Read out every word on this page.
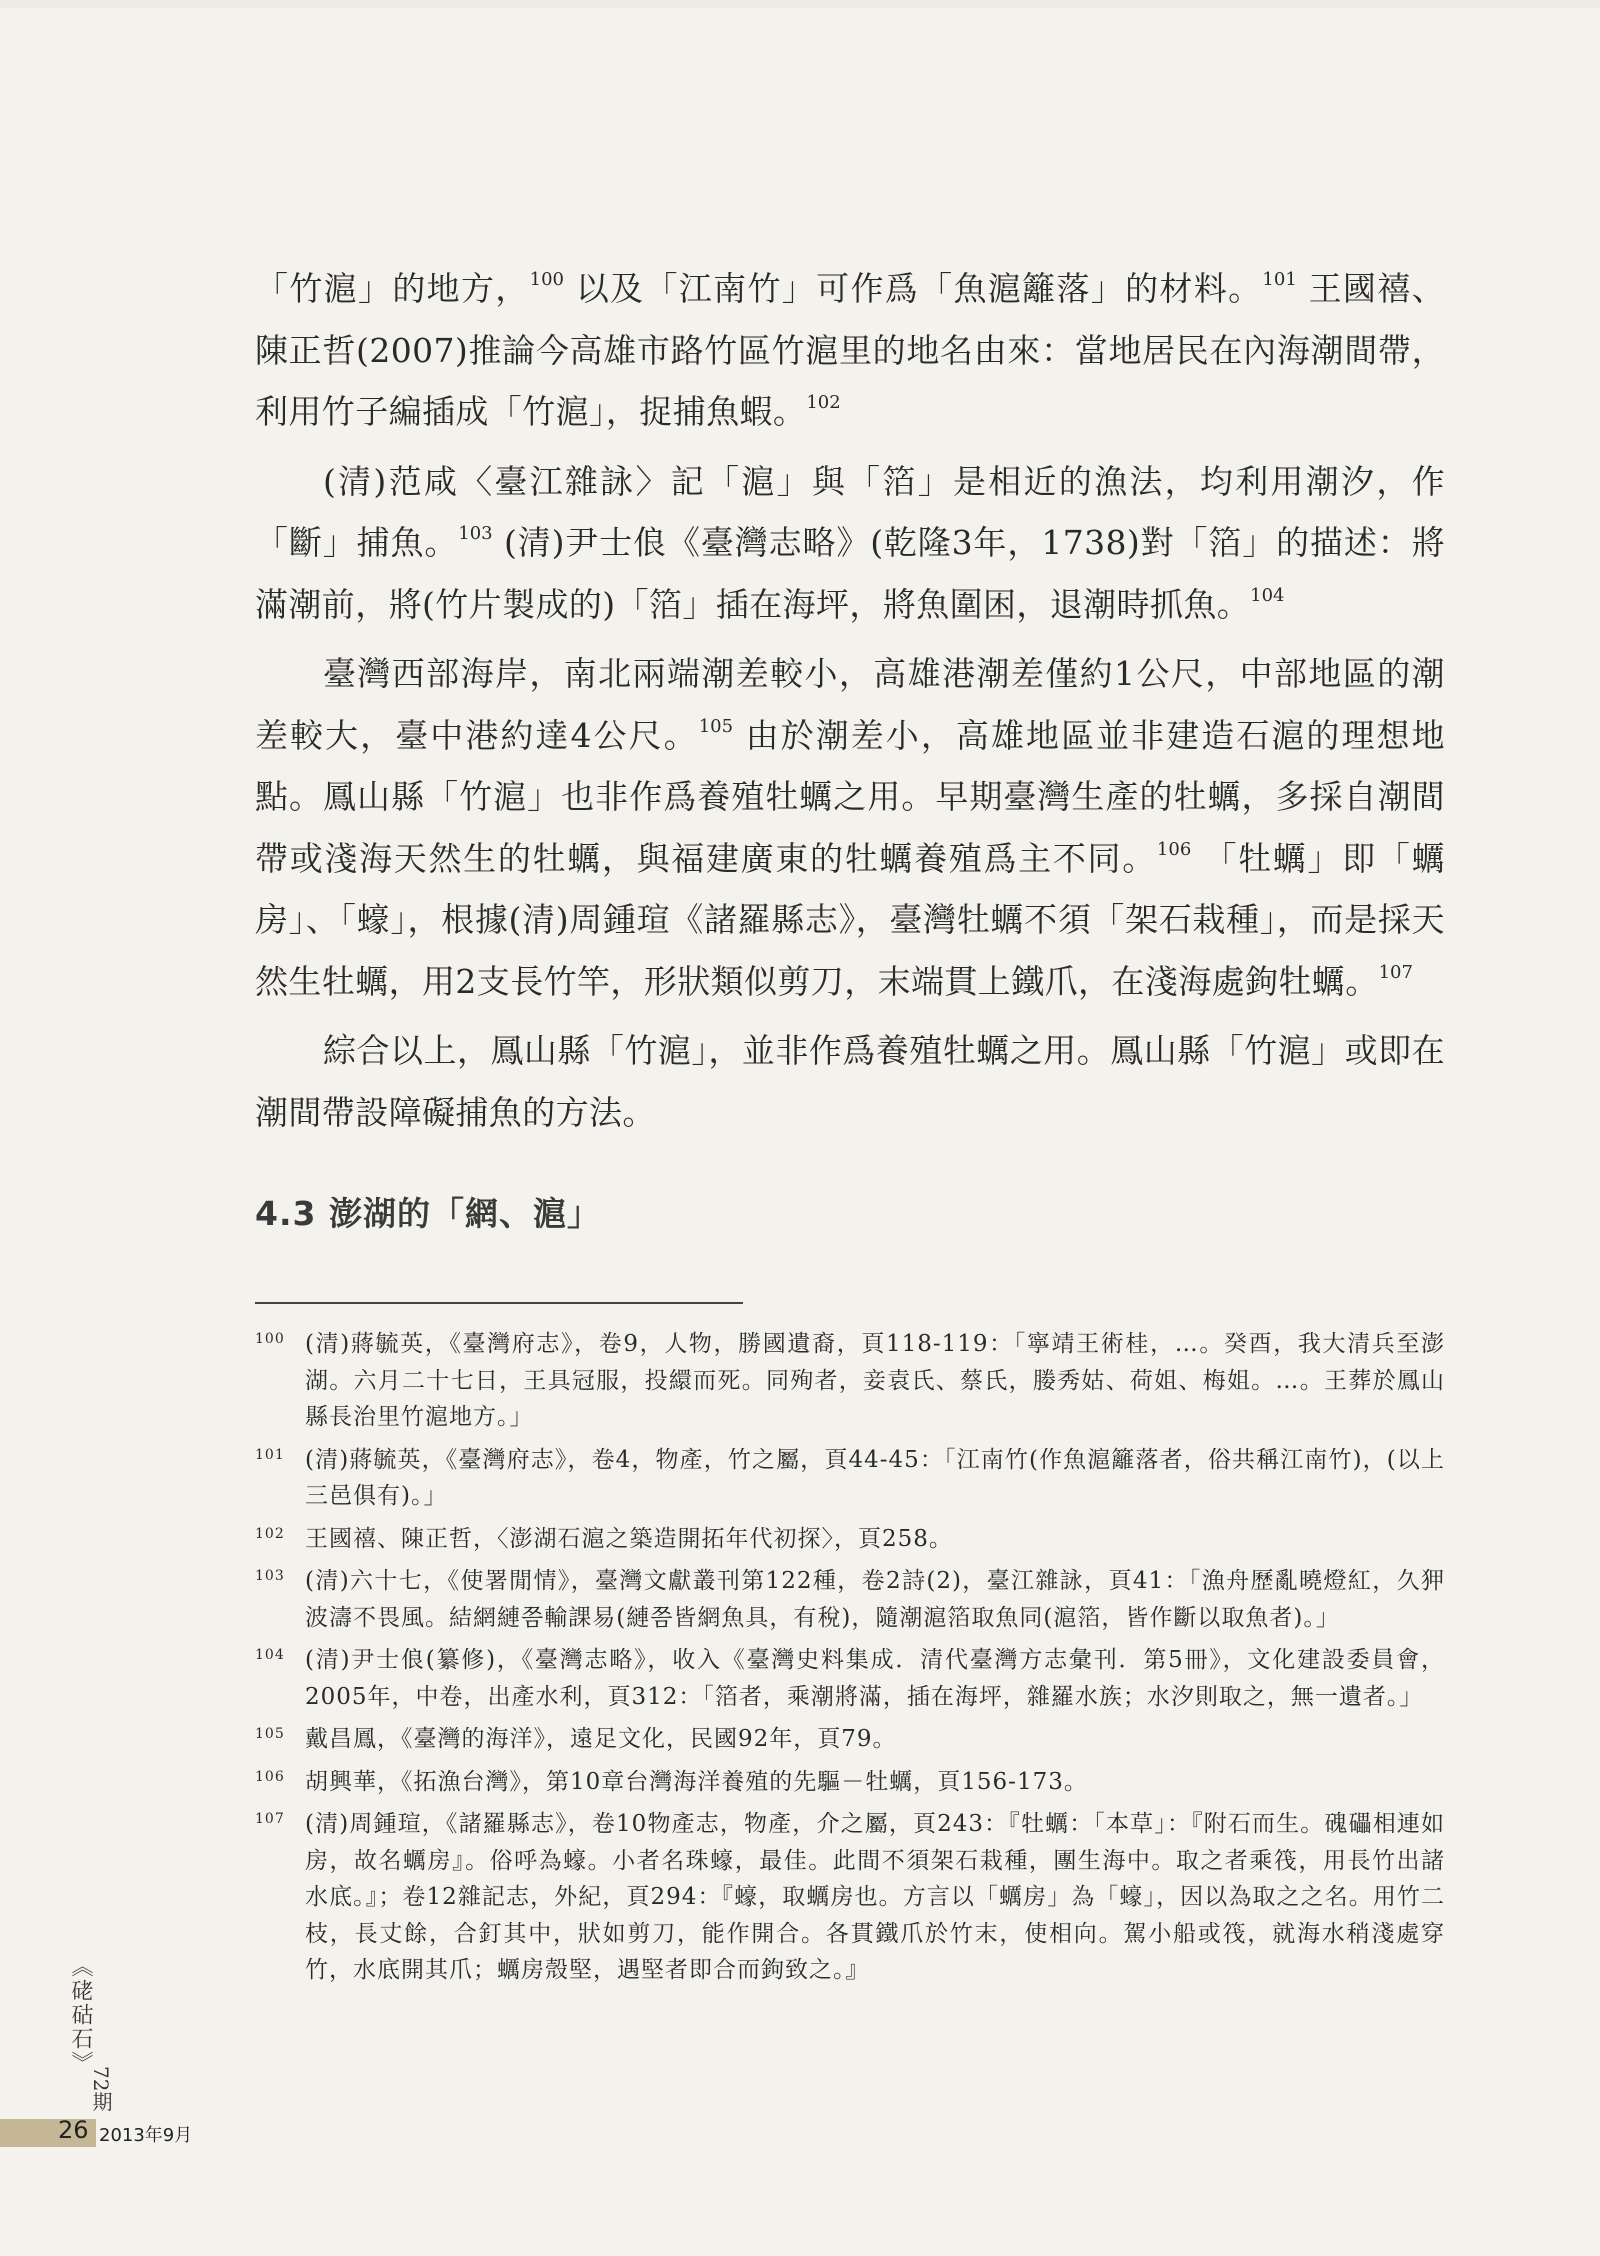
「竹滬」的地方，$^{100}$ 以及「江南竹」可作爲「魚滬籬落」的材料。$^{101}$ 王國禧、陳正哲(2007)推論今高雄市路竹區竹滬里的地名由來：當地居民在內海潮間帶，利用竹子編插成「竹滬」，捉捕魚蝦。$^{102}$

(清)范咸〈臺江雜詠〉記「滬」與「箔」是相近的漁法，均利用潮汐，作「斷」捕魚。$^{103}$ (清)尹士俍《臺灣志略》(乾隆3年，1738)對「箔」的描述：將滿潮前，將(竹片製成的)「箔」插在海坪，將魚圍困，退潮時抓魚。$^{104}$

臺灣西部海岸，南北兩端潮差較小，高雄港潮差僅約1公尺，中部地區的潮差較大，臺中港約達4公尺。$^{105}$ 由於潮差小，高雄地區並非建造石滬的理想地點。鳳山縣「竹滬」也非作爲養殖牡蠣之用。早期臺灣生產的牡蠣，多採自潮間帶或淺海天然生的牡蠣，與福建廣東的牡蠣養殖爲主不同。$^{106}$ 「牡蠣」即「蠣房」、「蠔」，根據(清)周鍾瑄《諸羅縣志》，臺灣牡蠣不須「架石栽種」，而是採天然生牡蠣，用2支長竹竿，形狀類似剪刀，末端貫上鐵爪，在淺海處鉤牡蠣。$^{107}$

綜合以上，鳳山縣「竹滬」，並非作爲養殖牡蠣之用。鳳山縣「竹滬」或即在潮間帶設障礙捕魚的方法。

4.3 澎湖的「網、滬」
100 (清)蔣毓英，《臺灣府志》，卷9，人物，勝國遺裔，頁118-119：「寧靖王術桂，…。癸酉，我大清兵至澎湖。六月二十七日，王具冠服，投繯而死。同殉者，妾袁氏、蔡氏，媵秀姑、荷姐、梅姐。…。王葬於鳳山縣長治里竹滬地方。」
101 (清)蔣毓英，《臺灣府志》，卷4，物產，竹之屬，頁44-45：「江南竹(作魚滬籬落者，俗共稱江南竹)，(以上三邑俱有)。」
102 王國禧、陳正哲，〈澎湖石滬之築造開拓年代初探〉，頁258。
103 (清)六十七，《使署閒情》，臺灣文獻叢刊第122種，卷2詩(2)，臺江雜詠，頁41：「漁舟歷亂曉燈紅，久狎波濤不畏風。結網縺쯤輸課易(縺쯤皆網魚具，有稅)，隨潮滬箔取魚同(滬箔，皆作斷以取魚者)。」
104 (清)尹士俍(纂修)，《臺灣志略》，收入《臺灣史料集成．清代臺灣方志彙刊．第5冊》，文化建設委員會，2005年，中卷，出產水利，頁312：「箔者，乘潮將滿，插在海坪，雜羅水族；水汐則取之，無一遺者。」
105 戴昌鳳，《臺灣的海洋》，遠足文化，民國92年，頁79。
106 胡興華，《拓漁台灣》，第10章台灣海洋養殖的先驅－牡蠣，頁156-173。
107 (清)周鍾瑄，《諸羅縣志》，卷10物產志，物產，介之屬，頁243：『牡蠣：「本草」：『附石而生。磈礧相連如房，故名蠣房』。俗呼為蠔。小者名珠蠔，最佳。此間不須架石栽種，團生海中。取之者乘筏，用長竹出諸水底。』；卷12雜記志，外紀，頁294：『蠔，取蠣房也。方言以「蠣房」為「蠔」，因以為取之之名。用竹二枝，長丈餘，合釘其中，狀如剪刀，能作開合。各貫鐵爪於竹末，使相向。駕小船或筏，就海水稍淺處穿竹，水底開其爪；蠣房殼堅，遇堅者即合而鉤致之。』
《硓𥑮石》
72期
26 2013年9月
